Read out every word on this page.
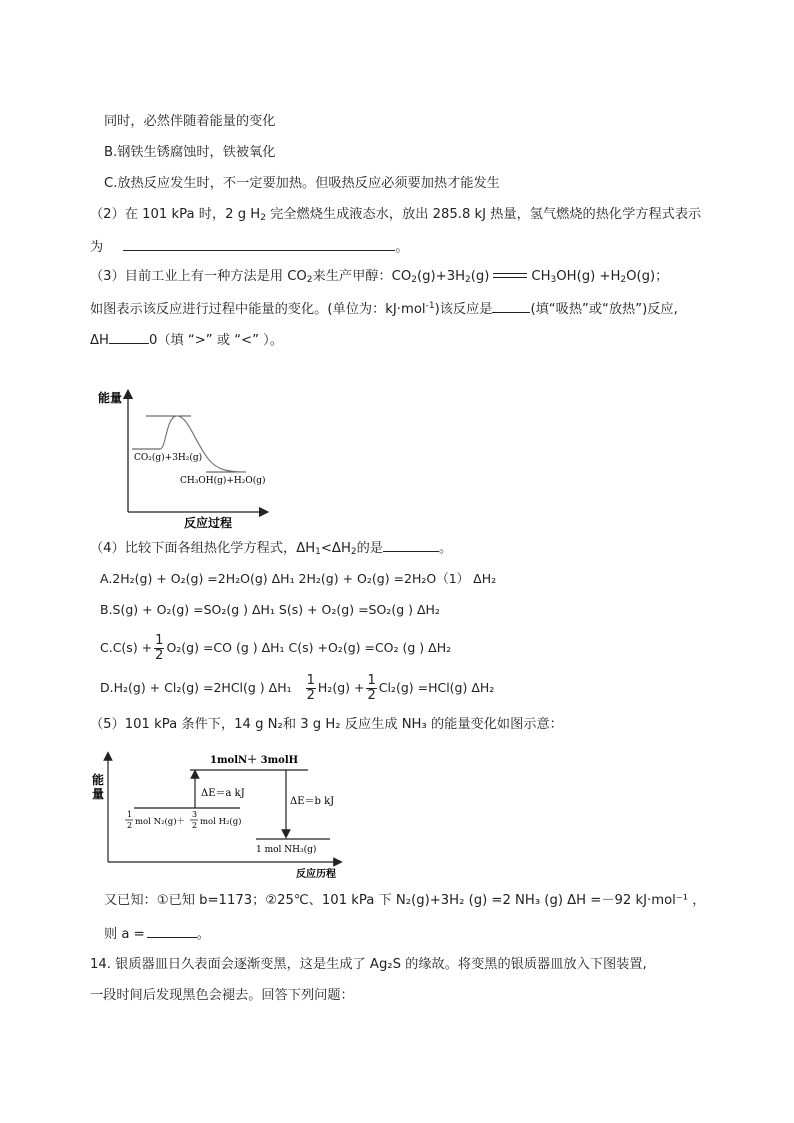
同时，必然伴随着能量的变化
B.钢铁生锈腐蚀时，铁被氧化
C.放热反应发生时，不一定要加热。但吸热反应必须要加热才能发生
（2）在 101 kPa 时，2 g $H_2$ 完全燃烧生成液态水，放出 285.8 kJ 热量，氢气燃烧的热化学方程式表示
为	。
（3）目前工业上有一种方法是用 $CO_2$来生产甲醇：$CO_2(g)+3H_2(g)$	$CH_3OH(g) +H_2O(g)$；
如图表示该反应进行过程中能量的变化。(单位为：kJ·mol$^{-1}$)该反应是	(填“吸热”或“放热”)反应,
ΔH	0（填 “>” 或 “<” ）。
能量
CO₂(g)+3H₂(g)
CH₃OH(g)+H₂O(g)
反应过程
（4）比较下面各组热化学方程式，$\Delta H_1<\Delta H_2$的是	。
A.2H₂(g) + O₂(g) =2H₂O(g) ΔH₁ 2H₂(g) + O₂(g) =2H₂O（1） ΔH₂
B.S(g) + O₂(g) =SO₂(g ) ΔH₁ S(s) + O₂(g) =SO₂(g ) ΔH₂
$C.C(s) + \frac{1}{2} O_2(g) =CO$ (g ) ΔH₁ C(s) +O₂(g) =CO₂ (g ) ΔH₂
D.H₂(g) + Cl₂(g) =2HCl(g ) $\Delta H_1 \frac{1}{2} H_2(g) + \frac{1}{2} Cl_2(g) =HCl(g)$ ΔH₂
（5）101 kPa 条件下，14 g N₂和 3 g H₂ 反应生成 NH₃ 的能量变化如图示意：
能
量
1molN＋ 3molH
ΔE＝a kJ
ΔE＝b kJ
1 mol NH₃(g)
1
2 mol N₂(g)＋
3
2 mol H₂(g)
反应历程
又已知：①已知 b=1173；②25℃、101 kPa 下 N₂(g)+3H₂ (g) =2 NH₃ (g) ΔH =－92 kJ·mol⁻¹ ，
则 a =	。
14. 银质器皿日久表面会逐渐变黑，这是生成了 Ag₂S 的缘故。将变黑的银质器皿放入下图装置,
一段时间后发现黑色会褪去。回答下列问题：
